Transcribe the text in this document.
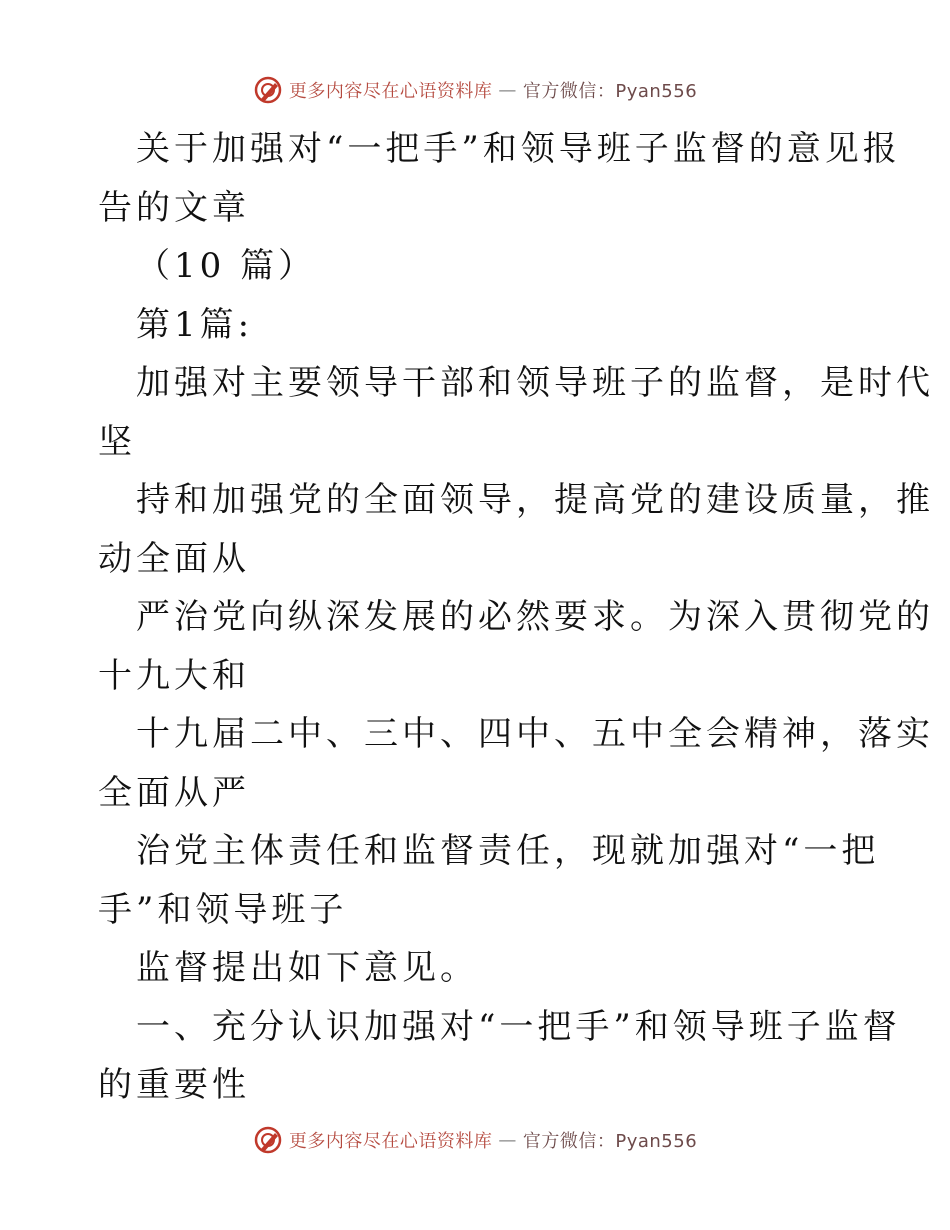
更多内容尽在心语资料库 — 官方微信：Pyan556
关于加强对“一把手”和领导班子监督的意见报
告的文章
（10 篇）
第1篇:
加强对主要领导干部和领导班子的监督，是时代
坚
持和加强党的全面领导，提高党的建设质量，推
动全面从
严治党向纵深发展的必然要求。为深入贯彻党的
十九大和
十九届二中、三中、四中、五中全会精神，落实
全面从严
治党主体责任和监督责任，现就加强对“一把
手”和领导班子
监督提出如下意见。
一、充分认识加强对“一把手”和领导班子监督
的重要性
更多内容尽在心语资料库 — 官方微信：Pyan556
